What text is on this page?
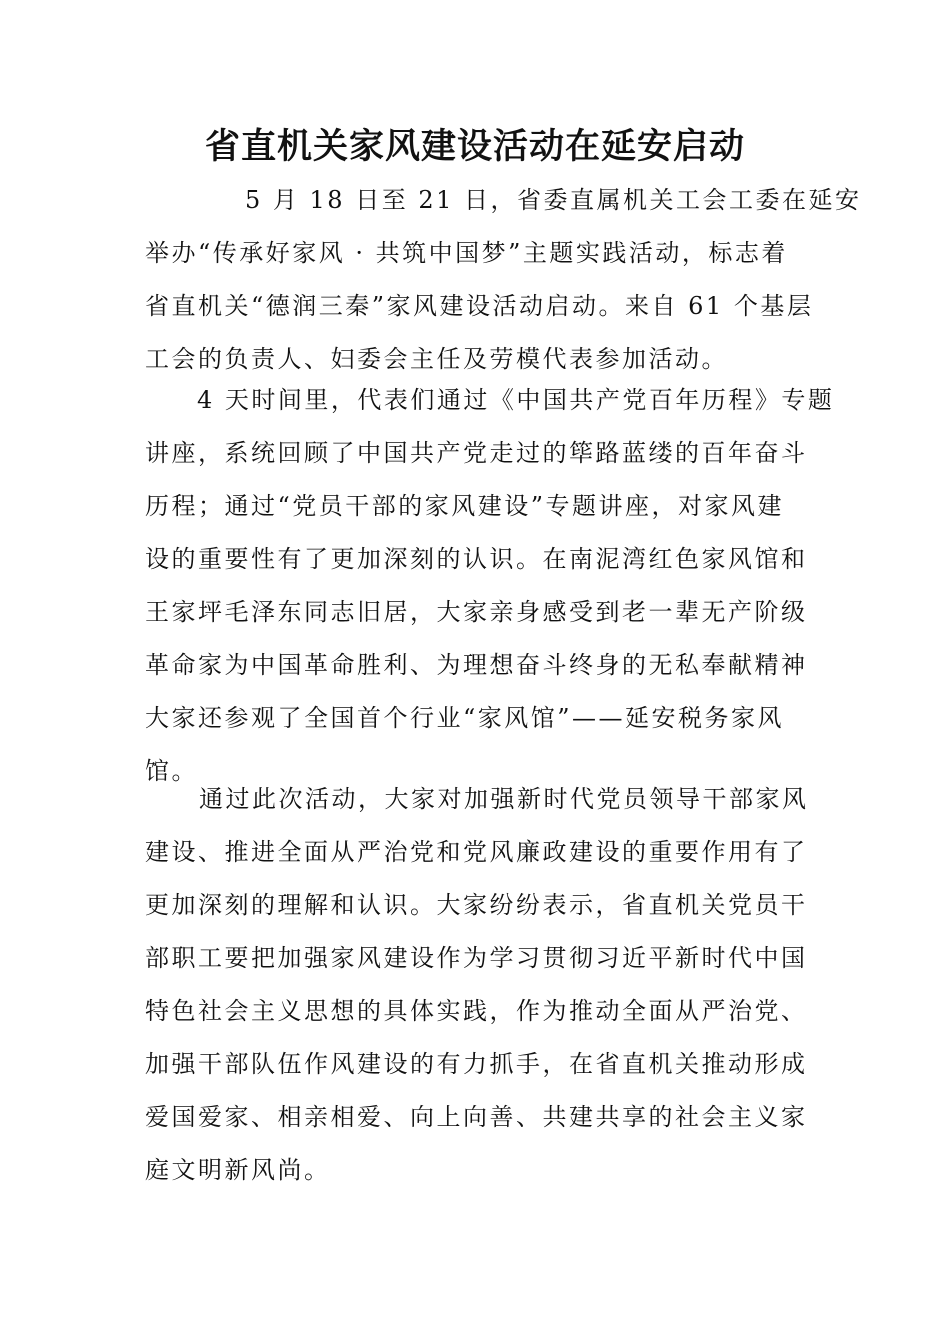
省直机关家风建设活动在延安启动
5 月 18 日至 21 日，省委直属机关工会工委在延安
举办“传承好家风 · 共筑中国梦”主题实践活动，标志着
省直机关“德润三秦”家风建设活动启动。来自 61 个基层
工会的负责人、妇委会主任及劳模代表参加活动。
4 天时间里，代表们通过《中国共产党百年历程》专题
讲座，系统回顾了中国共产党走过的筚路蓝缕的百年奋斗
历程；通过“党员干部的家风建设”专题讲座，对家风建
设的重要性有了更加深刻的认识。在南泥湾红色家风馆和
王家坪毛泽东同志旧居，大家亲身感受到老一辈无产阶级
革命家为中国革命胜利、为理想奋斗终身的无私奉献精神
大家还参观了全国首个行业“家风馆”——延安税务家风
馆。
通过此次活动，大家对加强新时代党员领导干部家风
建设、推进全面从严治党和党风廉政建设的重要作用有了
更加深刻的理解和认识。大家纷纷表示，省直机关党员干
部职工要把加强家风建设作为学习贯彻习近平新时代中国
特色社会主义思想的具体实践，作为推动全面从严治党、
加强干部队伍作风建设的有力抓手，在省直机关推动形成
爱国爱家、相亲相爱、向上向善、共建共享的社会主义家
庭文明新风尚。
